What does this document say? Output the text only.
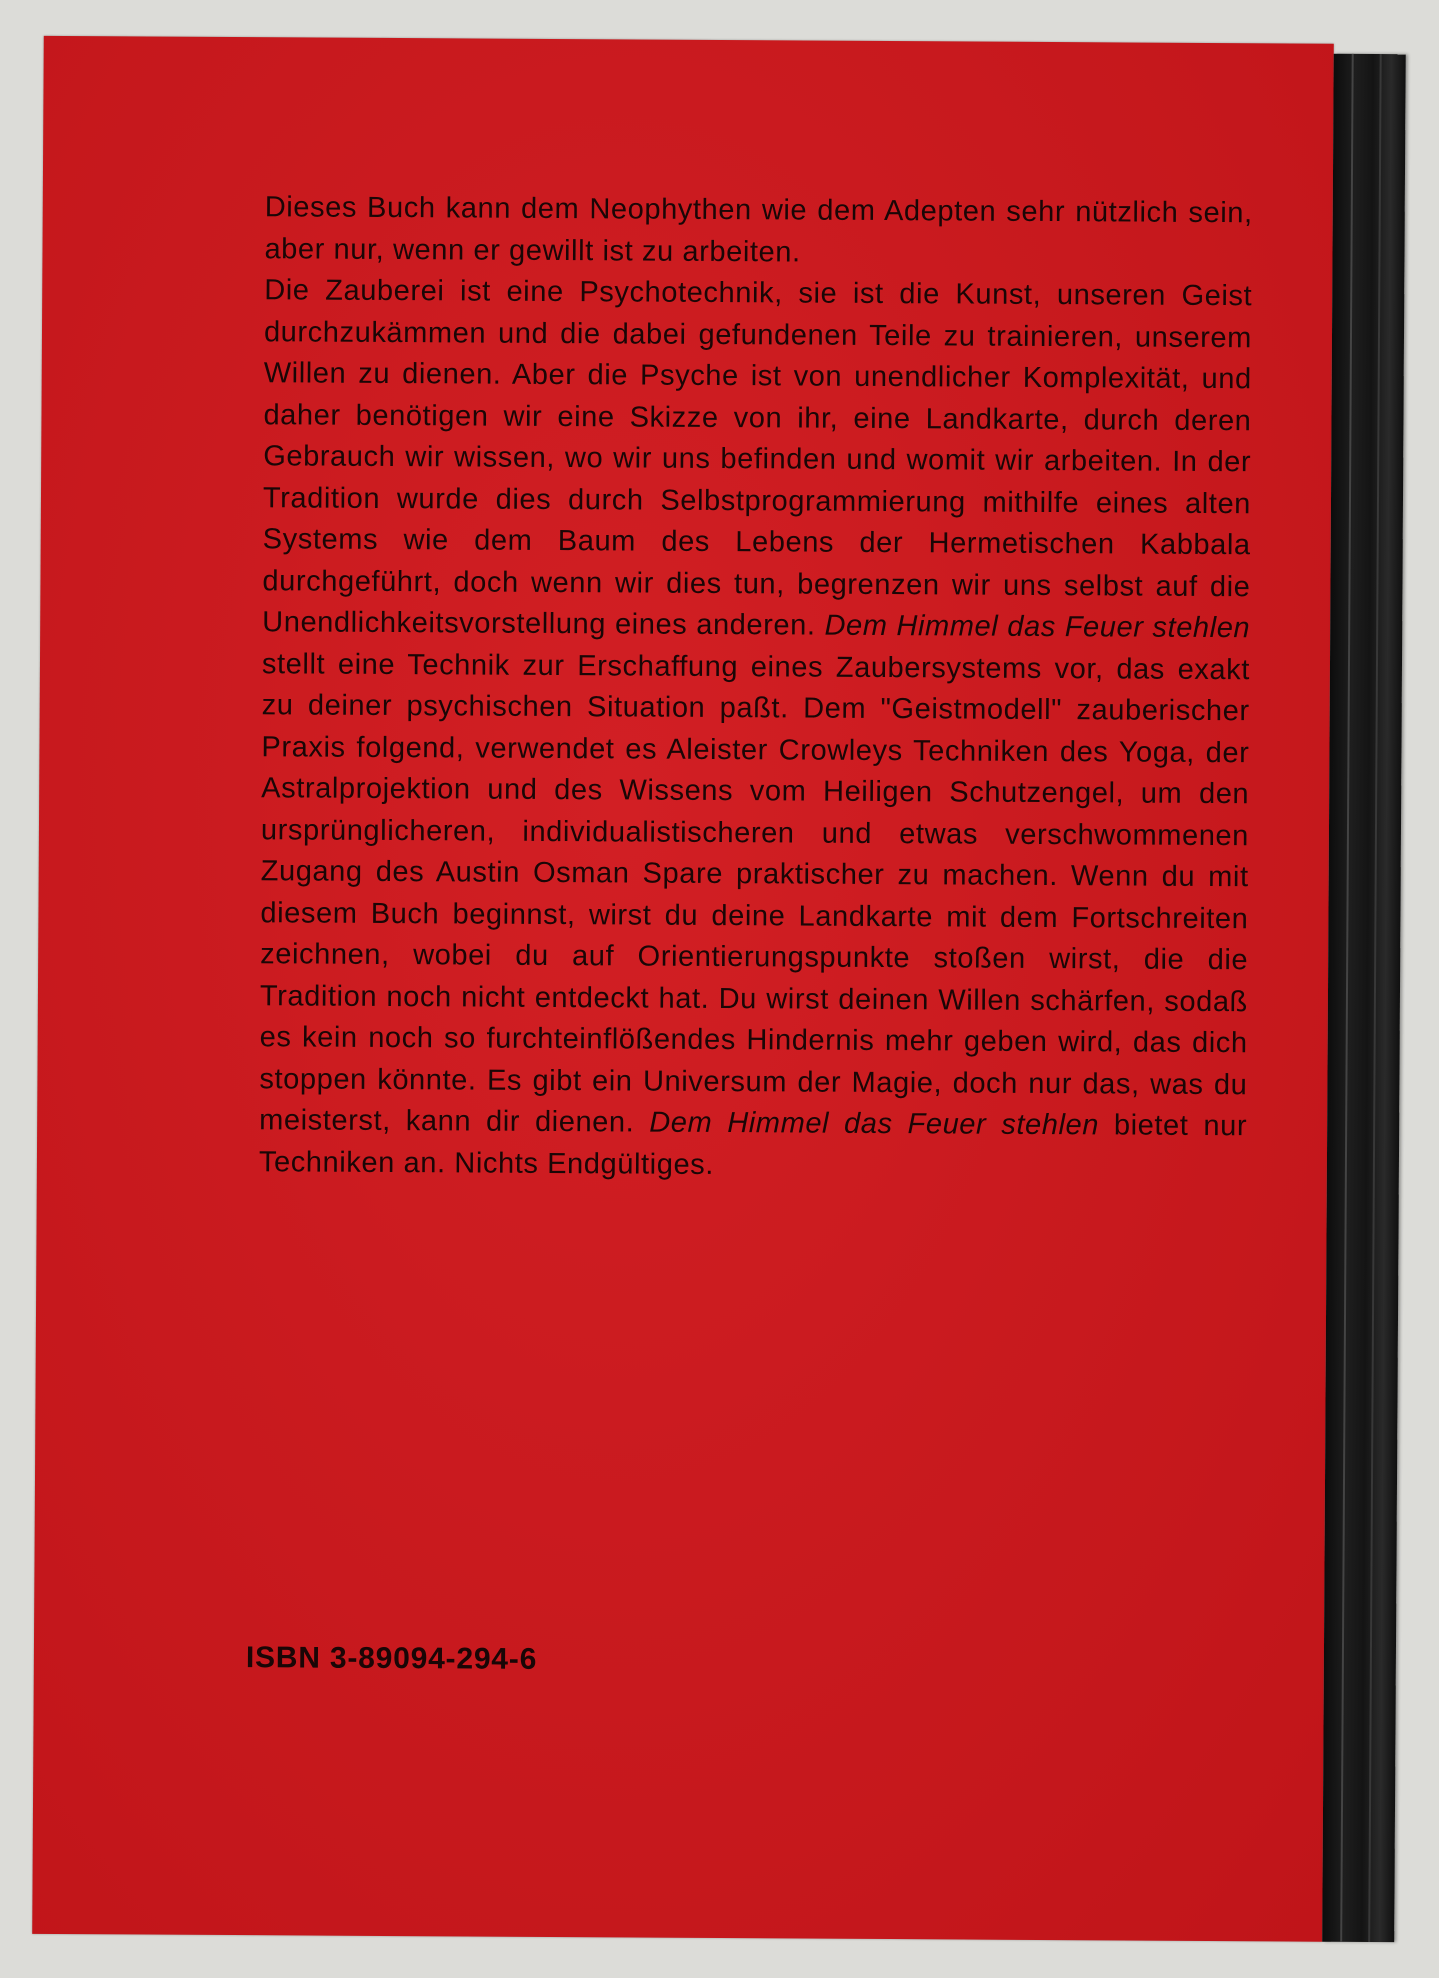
Dieses Buch kann dem Neophythen wie dem Adepten sehr nützlich sein, aber nur, wenn er gewillt ist zu arbeiten.

Die Zauberei ist eine Psychotechnik, sie ist die Kunst, unseren Geist durchzukämmen und die dabei gefundenen Teile zu trainieren, unserem Willen zu dienen. Aber die Psyche ist von unendlicher Komplexität, und daher benötigen wir eine Skizze von ihr, eine Landkarte, durch deren Gebrauch wir wissen, wo wir uns befinden und womit wir arbeiten. In der Tradition wurde dies durch Selbstprogrammierung mithilfe eines alten Systems wie dem Baum des Lebens der Hermetischen Kabbala durchgeführt, doch wenn wir dies tun, begrenzen wir uns selbst auf die Unendlichkeitsvorstellung eines anderen. Dem Himmel das Feuer stehlen stellt eine Technik zur Erschaffung eines Zaubersystems vor, das exakt zu deiner psychischen Situation paßt. Dem "Geistmodell" zauberischer Praxis folgend, verwendet es Aleister Crowleys Techniken des Yoga, der Astralprojektion und des Wissens vom Heiligen Schutzengel, um den ursprünglicheren, individualistischeren und etwas verschwommenen Zugang des Austin Osman Spare praktischer zu machen. Wenn du mit diesem Buch beginnst, wirst du deine Landkarte mit dem Fortschreiten zeichnen, wobei du auf Orientierungspunkte stoßen wirst, die die Tradition noch nicht entdeckt hat. Du wirst deinen Willen schärfen, sodaß es kein noch so furchteinflößendes Hindernis mehr geben wird, das dich stoppen könnte. Es gibt ein Universum der Magie, doch nur das, was du meisterst, kann dir dienen. Dem Himmel das Feuer stehlen bietet nur Techniken an. Nichts Endgültiges.

ISBN 3-89094-294-6
